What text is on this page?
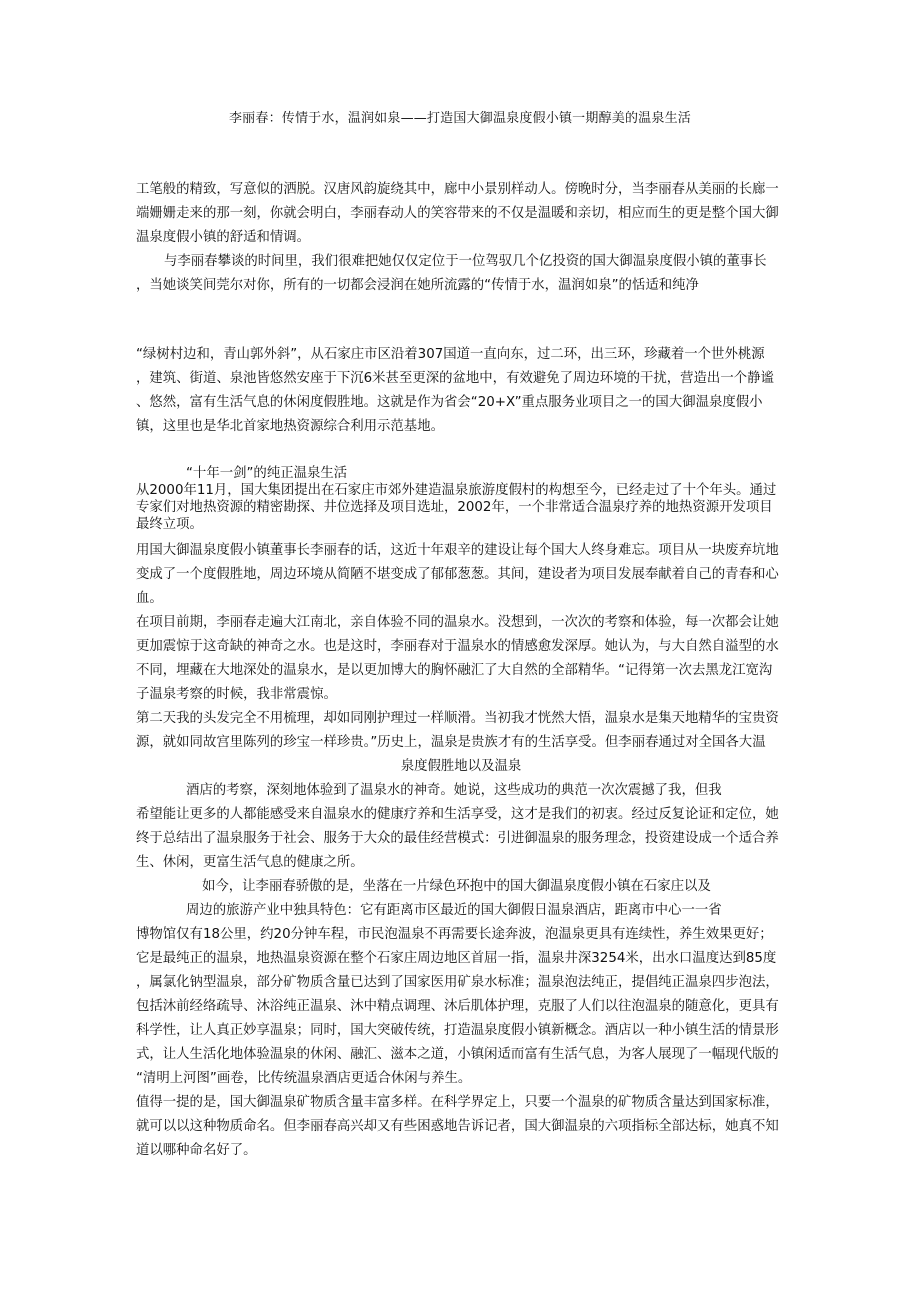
李丽春：传情于水，温润如泉——打造国大御温泉度假小镇一期醇美的温泉生活
工笔般的精致，写意似的洒脱。汉唐风韵旋绕其中，廊中小景别样动人。傍晚时分，当李丽春从美丽的长廊一
端姗姗走来的那一刻，你就会明白，李丽春动人的笑容带来的不仅是温暖和亲切，相应而生的更是整个国大御
温泉度假小镇的舒适和情调。
与李丽春攀谈的时间里，我们很难把她仅仅定位于一位驾驭几个亿投资的国大御温泉度假小镇的董事长
，当她谈笑间莞尔对你，所有的一切都会浸润在她所流露的“传情于水，温润如泉”的恬适和纯净
“绿树村边和，青山郭外斜”，从石家庄市区沿着307国道一直向东，过二环，出三环，珍藏着一个世外桃源
，建筑、街道、泉池皆悠然安座于下沉6米甚至更深的盆地中，有效避免了周边环境的干扰，营造出一个静谧
、悠然，富有生活气息的休闲度假胜地。这就是作为省会“20+X”重点服务业项目之一的国大御温泉度假小
镇，这里也是华北首家地热资源综合利用示范基地。
“十年一剑”的纯正温泉生活
从2000年11月，国大集团提出在石家庄市郊外建造温泉旅游度假村的构想至今，已经走过了十个年头。通过
专家们对地热资源的精密勘探、井位选择及项目选址，2002年，一个非常适合温泉疗养的地热资源开发项目
最终立项。
用国大御温泉度假小镇董事长李丽春的话，这近十年艰辛的建设让每个国大人终身难忘。项目从一块废弃坑地
变成了一个度假胜地，周边环境从简陋不堪变成了郁郁葱葱。其间，建设者为项目发展奉献着自己的青春和心
血。
在项目前期，李丽春走遍大江南北，亲自体验不同的温泉水。没想到，一次次的考察和体验，每一次都会让她
更加震惊于这奇缺的神奇之水。也是这时，李丽春对于温泉水的情感愈发深厚。她认为，与大自然自溢型的水
不同，埋藏在大地深处的温泉水，是以更加博大的胸怀融汇了大自然的全部精华。“记得第一次去黑龙江宽沟
子温泉考察的时候，我非常震惊。
第二天我的头发完全不用梳理，却如同刚护理过一样顺滑。当初我才恍然大悟，温泉水是集天地精华的宝贵资
源，就如同故宫里陈列的珍宝一样珍贵。”历史上，温泉是贵族才有的生活享受。但李丽春通过对全国各大温
泉度假胜地以及温泉
酒店的考察，深刻地体验到了温泉水的神奇。她说，这些成功的典范一次次震撼了我，但我
希望能让更多的人都能感受来自温泉水的健康疗养和生活享受，这才是我们的初衷。经过反复论证和定位，她
终于总结出了温泉服务于社会、服务于大众的最佳经营模式：引进御温泉的服务理念，投资建设成一个适合养
生、休闲，更富生活气息的健康之所。
如今，让李丽春骄傲的是，坐落在一片绿色环抱中的国大御温泉度假小镇在石家庄以及
周边的旅游产业中独具特色：它有距离市区最近的国大御假日温泉酒店，距离市中心一一省
博物馆仅有18公里，约20分钟车程，市民泡温泉不再需要长途奔波，泡温泉更具有连续性，养生效果更好；
它是最纯正的温泉，地热温泉资源在整个石家庄周边地区首屈一指，温泉井深3254米，出水口温度达到85度
，属氯化钠型温泉，部分矿物质含量已达到了国家医用矿泉水标准；温泉泡法纯正，提倡纯正温泉四步泡法，
包括沐前经络疏导、沐浴纯正温泉、沐中精点调理、沐后肌体护理，克服了人们以往泡温泉的随意化，更具有
科学性，让人真正妙享温泉；同时，国大突破传统，打造温泉度假小镇新概念。酒店以一种小镇生活的情景形
式，让人生活化地体验温泉的休闲、融汇、滋本之道，小镇闲适而富有生活气息，为客人展现了一幅现代版的
“清明上河图”画卷，比传统温泉酒店更适合休闲与养生。
值得一提的是，国大御温泉矿物质含量丰富多样。在科学界定上，只要一个温泉的矿物质含量达到国家标准，
就可以以这种物质命名。但李丽春高兴却又有些困惑地告诉记者，国大御温泉的六项指标全部达标，她真不知
道以哪种命名好了。
